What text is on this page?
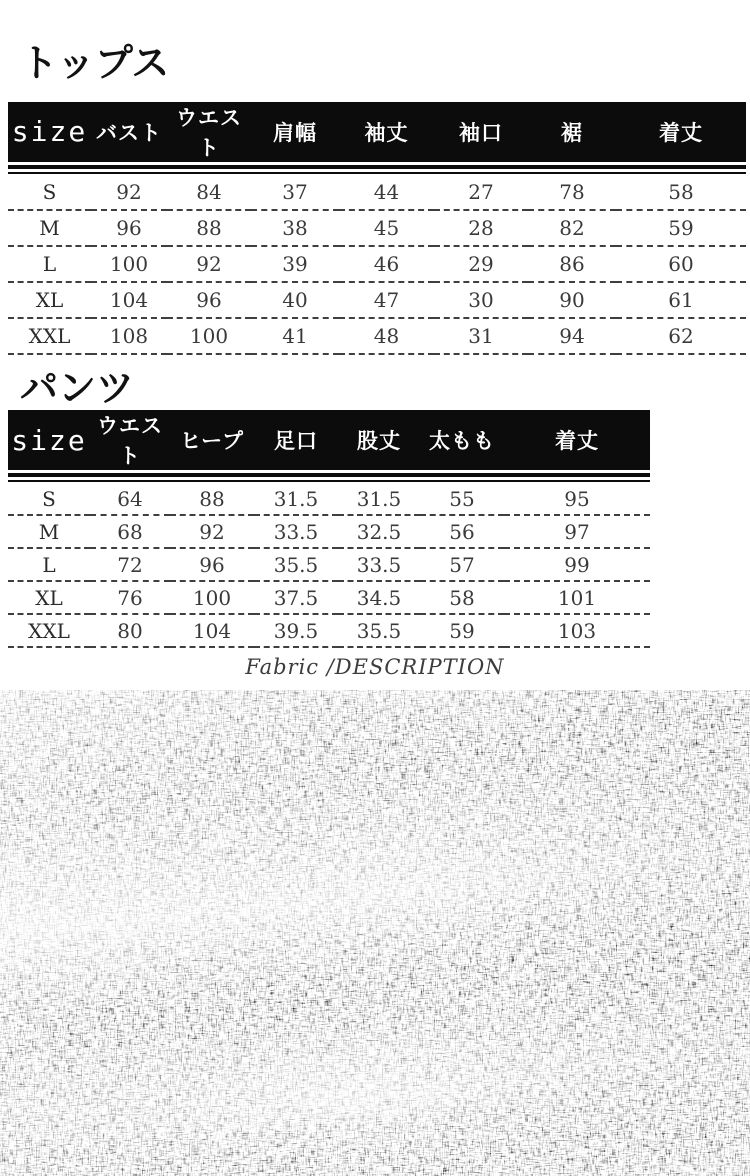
トップス
size	バスト	ウエスト	肩幅	袖丈	袖口	裾	着丈

S	92	84	37	44	27	78	58
M	96	88	38	45	28	82	59
L	100	92	39	46	29	86	60
XL	104	96	40	47	30	90	61
XXL	108	100	41	48	31	94	62
パンツ
size	ウエスト	ヒープ	足口	股丈	太もも	着丈

S	64	88	31.5	31.5	55	95
M	68	92	33.5	32.5	56	97
L	72	96	35.5	33.5	57	99
XL	76	100	37.5	34.5	58	101
XXL	80	104	39.5	35.5	59	103
Fabric /DESCRIPTION
